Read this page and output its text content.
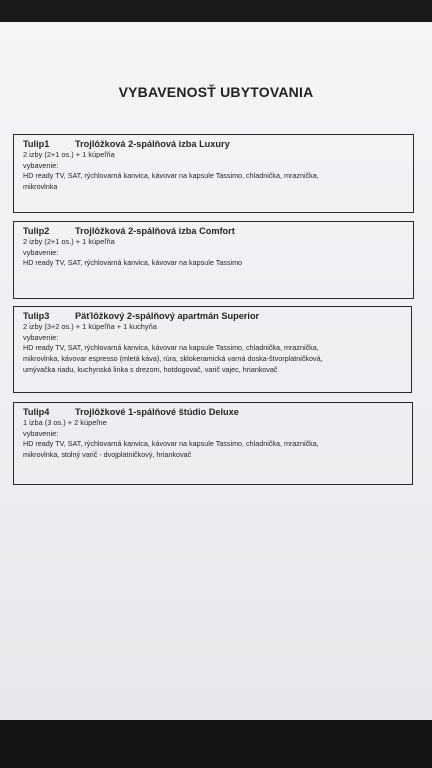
VYBAVENOSŤ UBYTOVANIA
Tulip1	Trojlôžková 2-spálňová izba Luxury
2 izby (2+1 os.) + 1 kúpeľňa
vybavenie:
HD ready TV, SAT, rýchlovarná kanvica, kávovar na kapsule Tassimo, chladnička, mraznička,
mikrovlnka
Tulip2	Trojlôžková 2-spálňová izba Comfort
2 izby (2+1 os.) + 1 kúpeľňa
vybavenie:
HD ready TV, SAT, rýchlovarná kanvica, kávovar na kapsule Tassimo
Tulip3	Päťlôžkový 2-spálňový apartmán Superior
2 izby (3+2 os.) + 1 kúpeľňa + 1 kuchyňa
vybavenie:
HD ready TV, SAT, rýchlovarná kanvica, kávovar na kapsule Tassimo, chladnička, mraznička,
mikrovlnka, kávovar espresso (mletá káva), rúra, sklokeramická varná doska-štvorplatničková,
umývačka riadu, kuchynská linka s drezom, hotdogovač, varič vajec, hriankovač
Tulip4	Trojlôžkové 1-spálňové štúdio Deluxe
1 izba (3 os.) + 2 kúpeľne
vybavenie:
HD ready TV, SAT, rýchlovarná kanvica, kávovar na kapsule Tassimo, chladnička, mraznička,
mikrovlnka, stolný varič - dvojplatničkový, hriankovač
